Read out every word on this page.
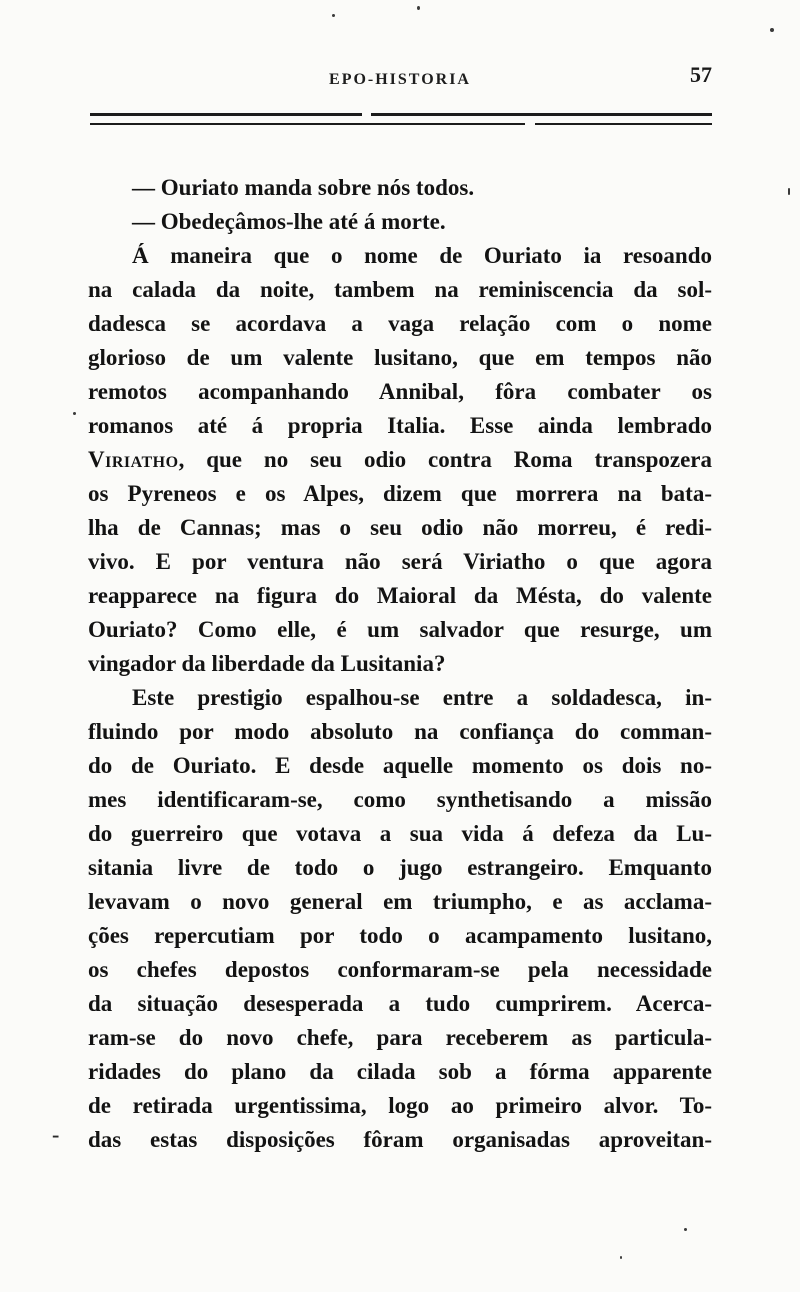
EPO-HISTORIA	57
— Ouriato manda sobre nós todos.
— Obedeçâmos-lhe até á morte.
Á maneira que o nome de Ouriato ia resoando
na calada da noite, tambem na reminiscencia da sol-
dadesca se acordava a vaga relação com o nome
glorioso de um valente lusitano, que em tempos não
remotos acompanhando Annibal, fôra combater os
romanos até á propria Italia. Esse ainda lembrado
Viriatho, que no seu odio contra Roma transpozera
os Pyreneos e os Alpes, dizem que morrera na bata-
lha de Cannas; mas o seu odio não morreu, é redi-
vivo. E por ventura não será Viriatho o que agora
reapparece na figura do Maioral da Mésta, do valente
Ouriato? Como elle, é um salvador que resurge, um
vingador da liberdade da Lusitania?
Este prestigio espalhou-se entre a soldadesca, in-
fluindo por modo absoluto na confiança do comman-
do de Ouriato. E desde aquelle momento os dois no-
mes identificaram-se, como synthetisando a missão
do guerreiro que votava a sua vida á defeza da Lu-
sitania livre de todo o jugo estrangeiro. Emquanto
levavam o novo general em triumpho, e as acclama-
ções repercutiam por todo o acampamento lusitano,
os chefes depostos conformaram-se pela necessidade
da situação desesperada a tudo cumprirem. Acerca-
ram-se do novo chefe, para receberem as particula-
ridades do plano da cilada sob a fórma apparente
de retirada urgentissima, logo ao primeiro alvor. To-
das estas disposições fôram organisadas aproveitan-
-
